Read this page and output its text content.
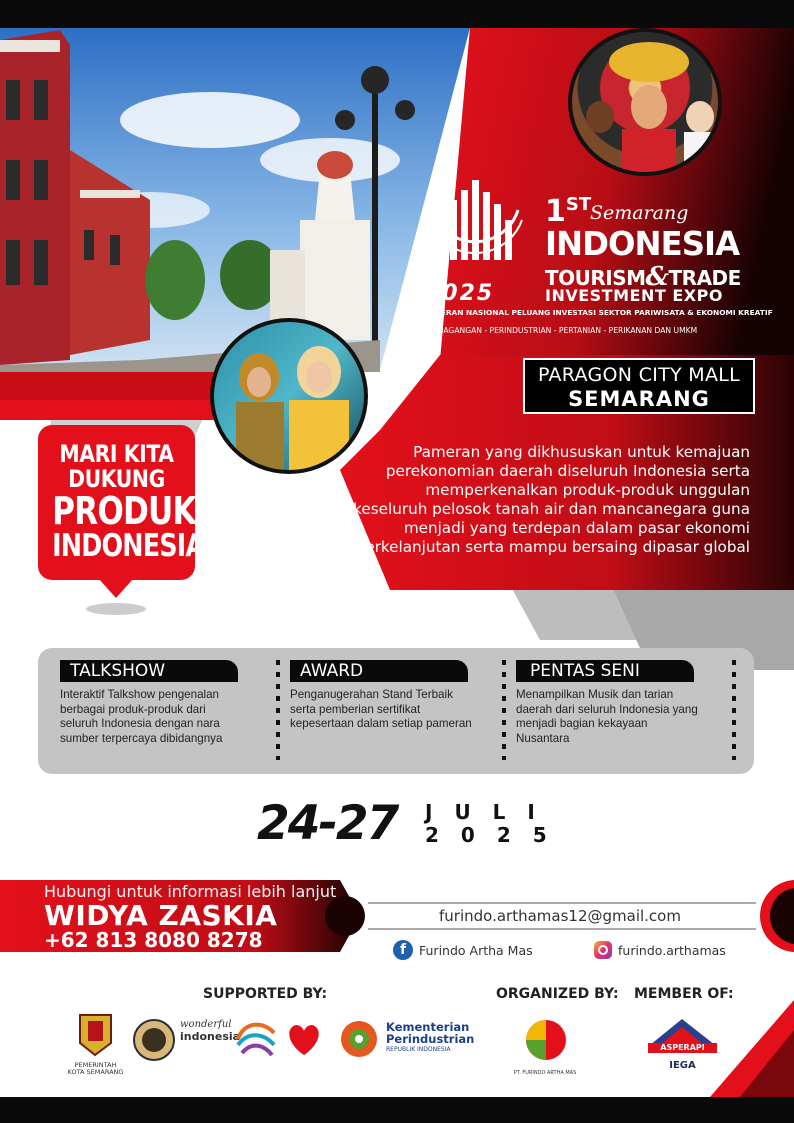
2025
1ST
Semarang
INDONESIA
TOURISM&TRADE
INVESTMENT EXPO
PAMERAN NASIONAL PELUANG INVESTASI SEKTOR PARIWISATA & EKONOMI KREATIF
PERDAGANGAN - PERINDUSTRIAN - PERTANIAN - PERIKANAN DAN UMKM
PARAGON CITY MALL
SEMARANG
Pameran yang dikhususkan untuk kemajuan
perekonomian daerah diseluruh Indonesia serta
memperkenalkan produk-produk unggulan
keseluruh pelosok tanah air dan mancanegara guna
menjadi yang terdepan dalam pasar ekonomi
berkelanjutan serta mampu bersaing dipasar global
MARI KITA
DUKUNG
PRODUK
INDONESIA
TALKSHOW
Interaktif Talkshow pengenalan
berbagai produk-produk dari
seluruh Indonesia dengan nara
sumber terpercaya dibidangnya
AWARD
Penganugerahan Stand Terbaik
serta pemberian sertifikat
kepesertaan dalam setiap pameran
PENTAS SENI
Menampilkan Musik dan tarian
daerah dari seluruh Indonesia yang
menjadi bagian kekayaan
Nusantara
24-27 JULI
2025
Hubungi untuk informasi lebih lanjut
WIDYA ZASKIA
+62 813 8080 8278
furindo.arthamas12@gmail.com
f	Furindo Artha Mas	furindo.arthamas
SUPPORTED BY:	ORGANIZED BY: MEMBER OF:
PEMERINTAH
KOTA SEMARANG
wonderful
indonesia
Kementerian
Perindustrian
REPUBLIK INDONESIA
PT. FURINDO ARTHA MAS
ASPERAPI
IEGA
